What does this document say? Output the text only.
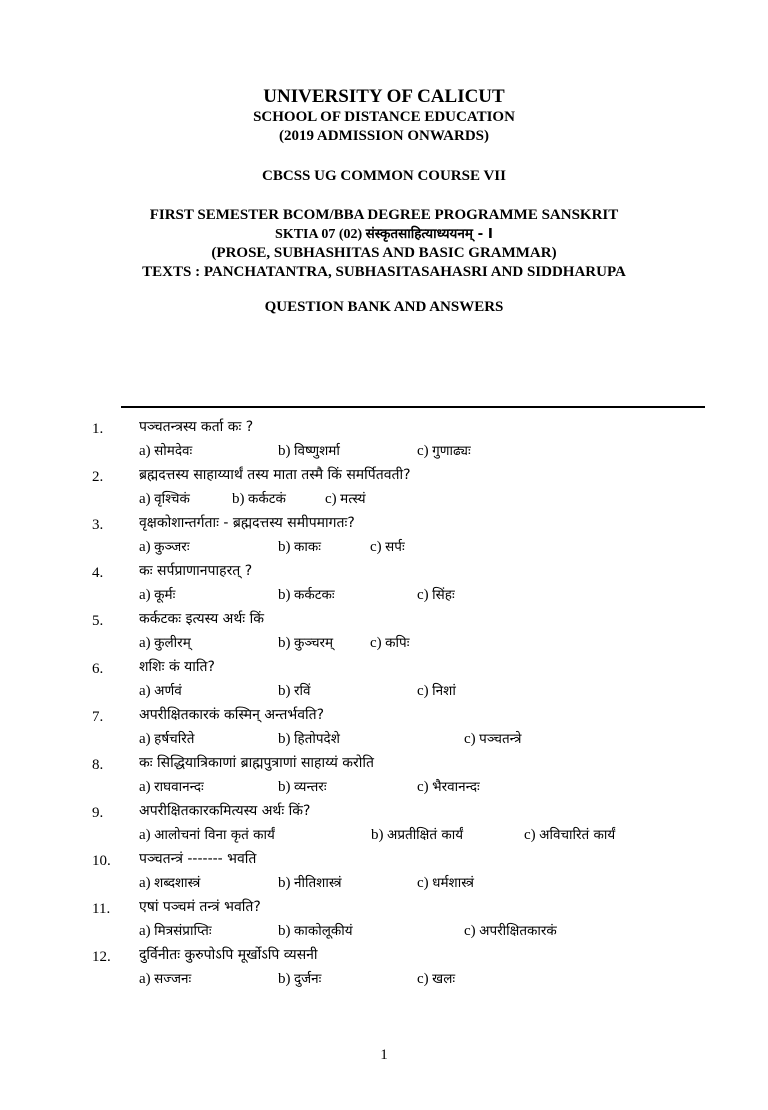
UNIVERSITY OF CALICUT
SCHOOL OF DISTANCE EDUCATION
(2019 ADMISSION ONWARDS)
CBCSS UG COMMON COURSE VII
FIRST SEMESTER BCOM/BBA DEGREE PROGRAMME SANSKRIT
SKTIA 07 (02) संस्कृतसाहित्याध्ययनम् - I
(PROSE, SUBHASHITAS AND BASIC GRAMMAR)
TEXTS : PANCHATANTRA, SUBHASITASAHASRI AND SIDDHARUPA
QUESTION BANK AND ANSWERS
1.	पञ्चतन्त्रस्य कर्ता कः ?
a) सोमदेवः	b) विष्णुशर्मा	c) गुणाढ्यः
2.	ब्रह्मदत्तस्य साहाय्यार्थं तस्य माता तस्मै किं समर्पितवती?
a) वृश्चिकं	b) कर्कटकं	c) मत्स्यं
3.	वृक्षकोशान्तर्गताः - ब्रह्मदत्तस्य समीपमागतः?
a) कुञ्जरः	b) काकः	c) सर्पः
4.	कः सर्पप्राणानपाहरत् ?
a) कूर्मः	b) कर्कटकः	c) सिंहः
5.	कर्कटकः इत्यस्य अर्थः किं
a) कुलीरम्	b) कुञ्चरम् c) कपिः
6.	शशिः कं याति?
a) अर्णवं	b) रविं	c) निशां
7.	अपरीक्षितकारकं कस्मिन् अन्तर्भवति?
a) हर्षचरिते	b) हितोपदेशे	c) पञ्चतन्त्रे
8.	कः सिद्धियात्रिकाणां ब्राह्मपुत्राणां साहाय्यं करोति
a) राघवानन्दः	b) व्यन्तरः	c) भैरवानन्दः
9.	अपरीक्षितकारकमित्यस्य अर्थः किं?
a) आलोचनां विना कृतं कार्यं	b) अप्रतीक्षितं कार्यं	c) अविचारितं कार्यं
10. पञ्चतन्त्रं ------- भवति
a) शब्दशास्त्रं	b) नीतिशास्त्रं	c) धर्मशास्त्रं
11. एषां पञ्चमं तन्त्रं भवति?
a) मित्रसंप्राप्तिः	b) काकोलूकीयं	c) अपरीक्षितकारकं
12. दुर्विनीतः कुरुपोऽपि मूर्खोऽपि व्यसनी
a) सज्जनः	b) दुर्जनः	c) खलः
1
